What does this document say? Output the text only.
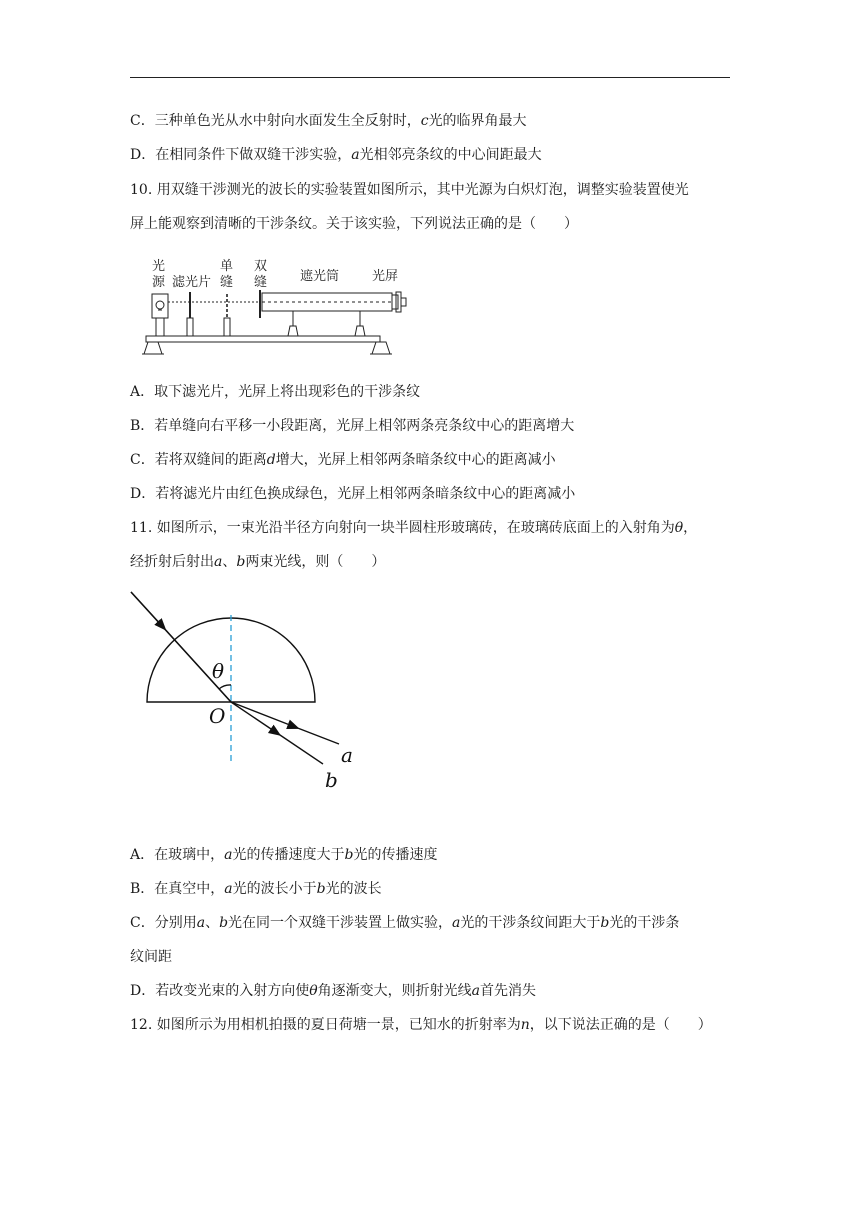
C．三种单色光从水中射向水面发生全反射时，c光的临界角最大
D．在相同条件下做双缝干涉实验，a光相邻亮条纹的中心间距最大
10. 用双缝干涉测光的波长的实验装置如图所示，其中光源为白炽灯泡，调整实验装置使光
屏上能观察到清晰的干涉条纹。关于该实验，下列说法正确的是（　　）
光
源 滤光片
单
缝
双
缝	遮光筒	光屏
A．取下滤光片，光屏上将出现彩色的干涉条纹
B．若单缝向右平移一小段距离，光屏上相邻两条亮条纹中心的距离增大
C．若将双缝间的距离d增大，光屏上相邻两条暗条纹中心的距离减小
D．若将滤光片由红色换成绿色，光屏上相邻两条暗条纹中心的距离减小
11. 如图所示，一束光沿半径方向射向一块半圆柱形玻璃砖，在玻璃砖底面上的入射角为θ，
经折射后射出a、b两束光线，则（　　）
θ
O
a
b
A．在玻璃中，a光的传播速度大于b光的传播速度
B．在真空中，a光的波长小于b光的波长
C．分别用a、b光在同一个双缝干涉装置上做实验，a光的干涉条纹间距大于b光的干涉条
纹间距
D．若改变光束的入射方向使θ角逐渐变大，则折射光线a首先消失
12. 如图所示为用相机拍摄的夏日荷塘一景，已知水的折射率为n，以下说法正确的是（　　）
